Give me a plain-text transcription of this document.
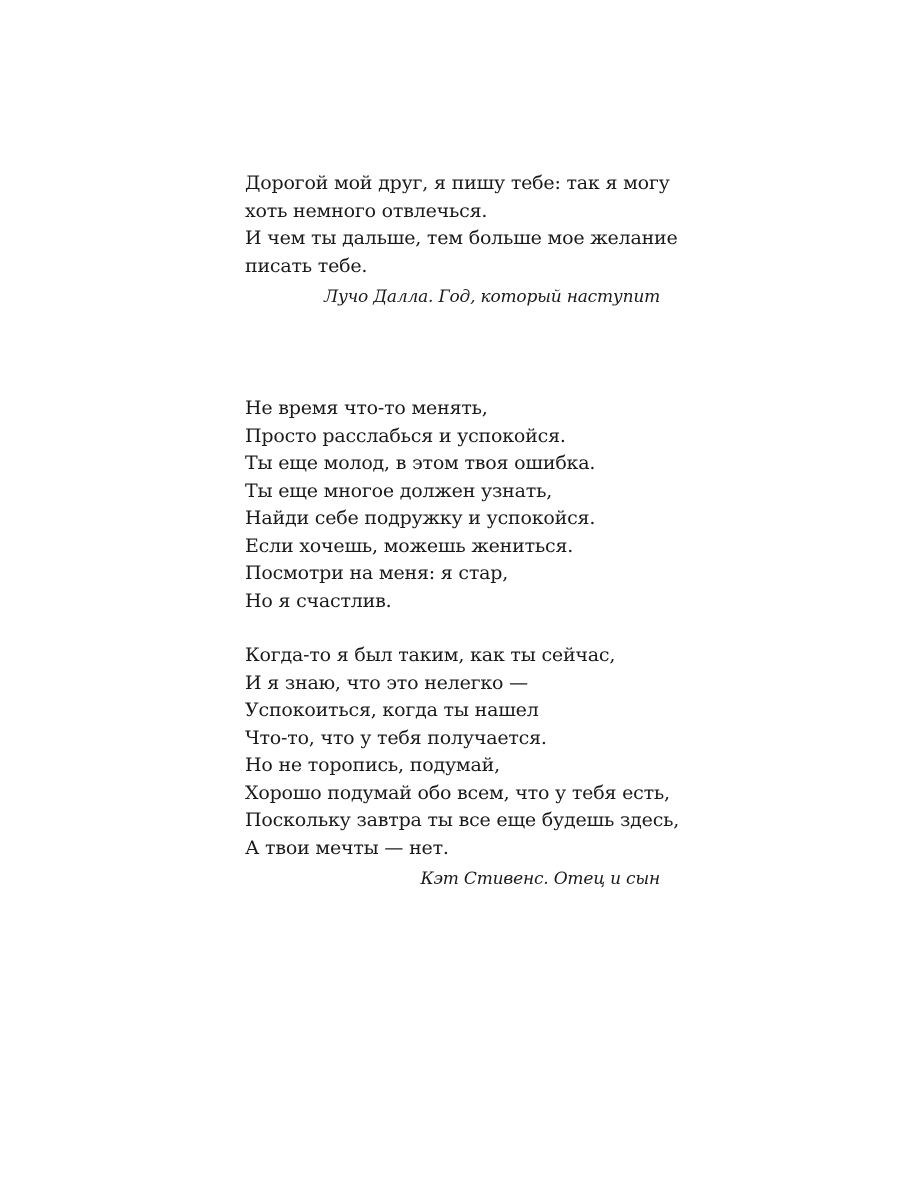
Дорогой мой друг, я пишу тебе: так я могу
хоть немного отвлечься.
И чем ты дальше, тем больше мое желание
писать тебе.
Лучо Далла. Год, который наступит
Не время что-то менять,
Просто расслабься и успокойся.
Ты еще молод, в этом твоя ошибка.
Ты еще многое должен узнать,
Найди себе подружку и успокойся.
Если хочешь, можешь жениться.
Посмотри на меня: я стар,
Но я счастлив.
Когда-то я был таким, как ты сейчас,
И я знаю, что это нелегко —
Успокоиться, когда ты нашел
Что-то, что у тебя получается.
Но не торопись, подумай,
Хорошо подумай обо всем, что у тебя есть,
Поскольку завтра ты все еще будешь здесь,
А твои мечты — нет.
Кэт Стивенс. Отец и сын
